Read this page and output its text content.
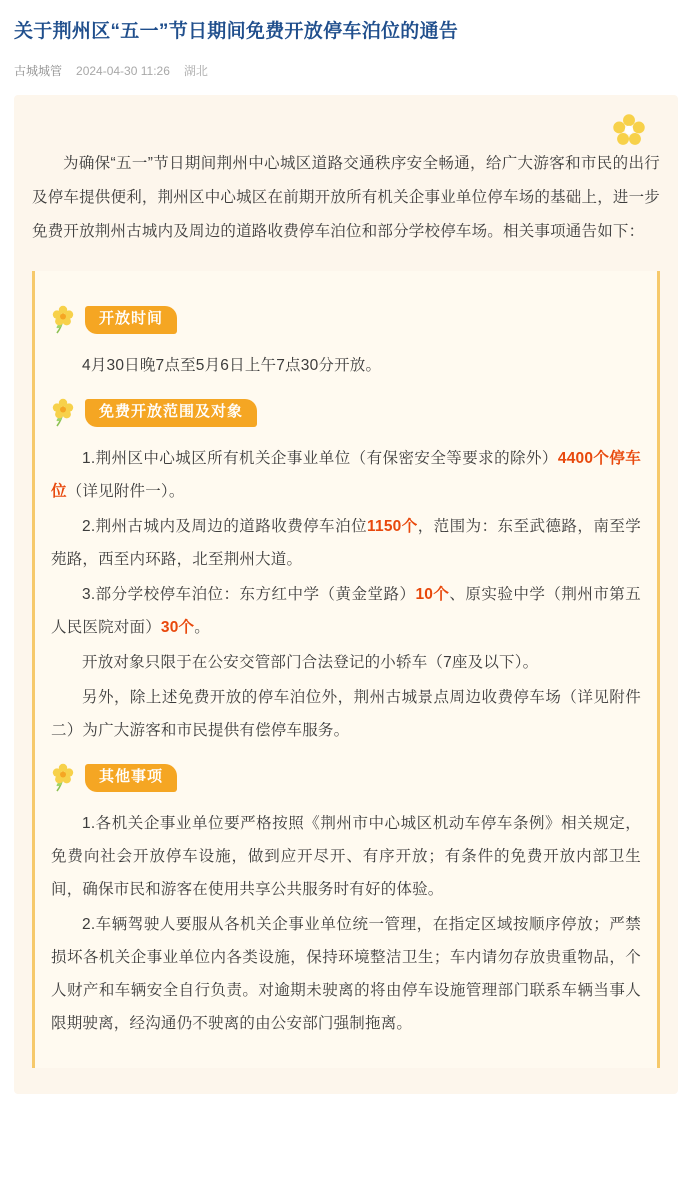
关于荆州区“五一”节日期间免费开放停车泊位的通告
古城城管 2024-04-30 11:26 湖北

为确保“五一”节日期间荆州中心城区道路交通秩序安全畅通，给广大游客和市民的出行及停车提供便利，荆州区中心城区在前期开放所有机关企事业单位停车场的基础上，进一步免费开放荆州古城内及周边的道路收费停车泊位和部分学校停车场。相关事项通告如下：

开放时间

4月30日晚7点至5月6日上午7点30分开放。

免费开放范围及对象

1.荆州区中心城区所有机关企事业单位（有保密安全等要求的除外）4400个停车位（详见附件一）。

2.荆州古城内及周边的道路收费停车泊位1150个，范围为：东至武德路，南至学苑路，西至内环路，北至荆州大道。

3.部分学校停车泊位：东方红中学（黄金堂路）10个、原实验中学（荆州市第五人民医院对面）30个。

开放对象只限于在公安交管部门合法登记的小轿车（7座及以下）。

另外，除上述免费开放的停车泊位外，荆州古城景点周边收费停车场（详见附件二）为广大游客和市民提供有偿停车服务。

其他事项

1.各机关企事业单位要严格按照《荆州市中心城区机动车停车条例》相关规定，免费向社会开放停车设施，做到应开尽开、有序开放；有条件的免费开放内部卫生间，确保市民和游客在使用共享公共服务时有好的体验。

2.车辆驾驶人要服从各机关企事业单位统一管理，在指定区域按顺序停放；严禁损坏各机关企事业单位内各类设施，保持环境整洁卫生；车内请勿存放贵重物品，个人财产和车辆安全自行负责。对逾期未驶离的将由停车设施管理部门联系车辆当事人限期驶离，经沟通仍不驶离的由公安部门强制拖离。
